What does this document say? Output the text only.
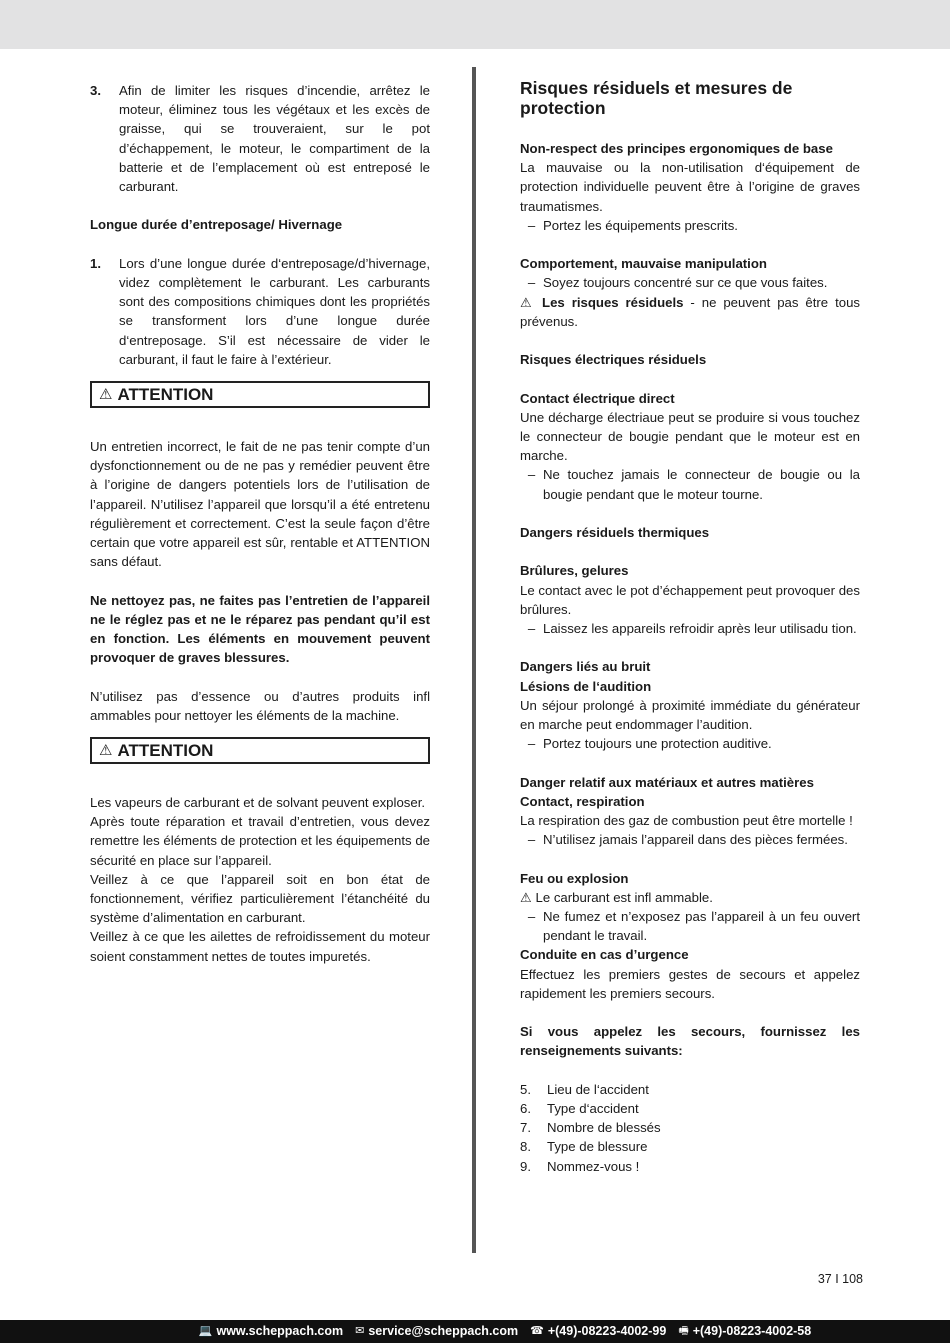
3.	Afin de limiter les risques d’incendie, arrêtez le moteur, éliminez tous les végétaux et les excès de graisse, qui se trouveraient, sur le pot d’échappement, le moteur, le compartiment de la batterie et de l’emplacement où est entreposé le carburant.

Longue durée d’entreposage/ Hivernage

1.	Lors d’une longue durée d‘entreposage/d’hivernage, videz complètement le carburant. Les carburants sont des compositions chimiques dont les propriétés se transforment lors d’une longue durée d‘entreposage. S’il est nécessaire de vider le carburant, il faut le faire à l’extérieur.
⚠ ATTENTION

Un entretien incorrect, le fait de ne pas tenir compte d’un dysfonctionnement ou de ne pas y remédier peuvent être à l’origine de dangers potentiels lors de l’utilisation de l’appareil. N’utilisez l’appareil que lorsqu’il a été entretenu régulièrement et correctement. C’est la seule façon d’être certain que votre appareil est sûr, rentable et ATTENTION sans défaut.

Ne nettoyez pas, ne faites pas l’entretien de l’appareil ne le réglez pas et ne le réparez pas pendant qu’il est en fonction. Les éléments en mouvement peuvent provoquer de graves blessures.

N’utilisez pas d’essence ou d’autres produits infl ammables pour nettoyer les éléments de la machine.

⚠ ATTENTION

Les vapeurs de carburant et de solvant peuvent exploser.

Après toute réparation et travail d’entretien, vous devez remettre les éléments de protection et les équipements de sécurité en place sur l’appareil.

Veillez à ce que l’appareil soit en bon état de fonctionnement, vérifiez particulièrement l’étanchéité du système d’alimentation en carburant.

Veillez à ce que les ailettes de refroidissement du moteur soient constamment nettes de toutes impuretés.

Risques résiduels et mesures de protection

Non-respect des principes ergonomiques de base

La mauvaise ou la non-utilisation d‘équipement de protection individuelle peuvent être à l’origine de graves traumatismes.

– Portez les équipements prescrits.

Comportement, mauvaise manipulation

– Soyez toujours concentré sur ce que vous faites.

⚠ Les risques résiduels - ne peuvent pas être tous prévenus.

Risques électriques résiduels

Contact électrique direct

Une décharge électriaue peut se produire si vous touchez le connecteur de bougie pendant que le moteur est en marche.

– Ne touchez jamais le connecteur de bougie ou la bougie pendant que le moteur tourne.

Dangers résiduels thermiques

Brûlures, gelures

Le contact avec le pot d’échappement peut provoquer des brûlures.

– Laissez les appareils refroidir après leur utilisadu tion.

Dangers liés au bruit

Lésions de l‘audition

Un séjour prolongé à proximité immédiate du générateur en marche peut endommager l’audition.

– Portez toujours une protection auditive.

Danger relatif aux matériaux et autres matières

Contact, respiration

La respiration des gaz de combustion peut être mortelle !

– N’utilisez jamais l’appareil dans des pièces fermées.

Feu ou explosion

⚠ Le carburant est infl ammable.

– Ne fumez et n’exposez pas l’appareil à un feu ouvert pendant le travail.

Conduite en cas d’urgence

Effectuez les premiers gestes de secours et appelez rapidement les premiers secours.

Si vous appelez les secours, fournissez les renseignements suivants:

5.	Lieu de l‘accident
6.	Type d‘accident
7.	Nombre de blessés
8.	Type de blessure
9.	Nommez-vous !
37 I 108
💻 www.scheppach.com ✉ service@scheppach.com ☎ +(49)-08223-4002-99 🖷 +(49)-08223-4002-58
